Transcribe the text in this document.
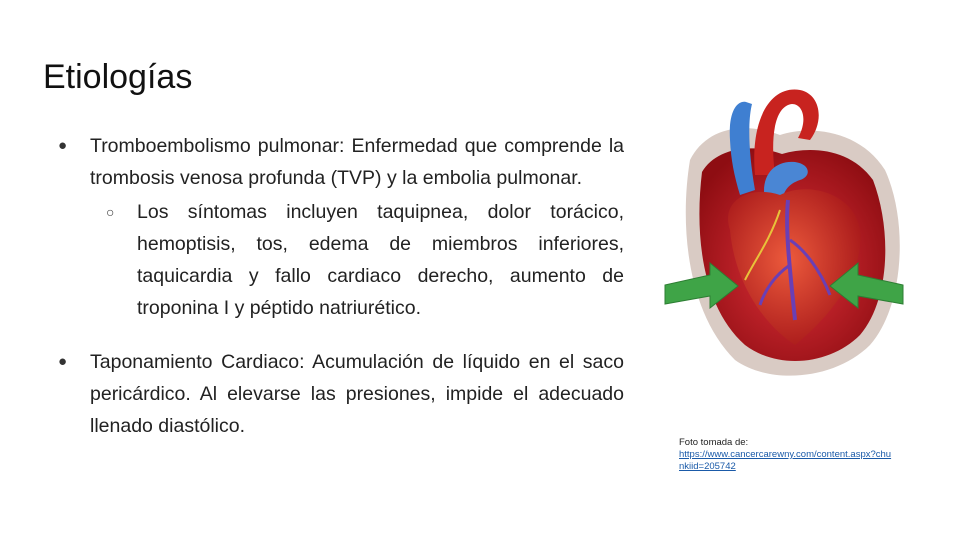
Etiologías
● Tromboembolismo pulmonar: Enfermedad que comprende la trombosis venosa profunda (TVP) y la embolia pulmonar.
○ Los síntomas incluyen taquipnea, dolor torácico, hemoptisis, tos, edema de miembros inferiores, taquicardia y fallo cardiaco derecho, aumento de troponina I y péptido natriurético.
● Taponamiento Cardiaco: Acumulación de líquido en el saco pericárdico. Al elevarse las presiones, impide el adecuado llenado diastólico.
Foto tomada de:
https://www.cancercarewny.com/content.aspx?chunkiid=205742
